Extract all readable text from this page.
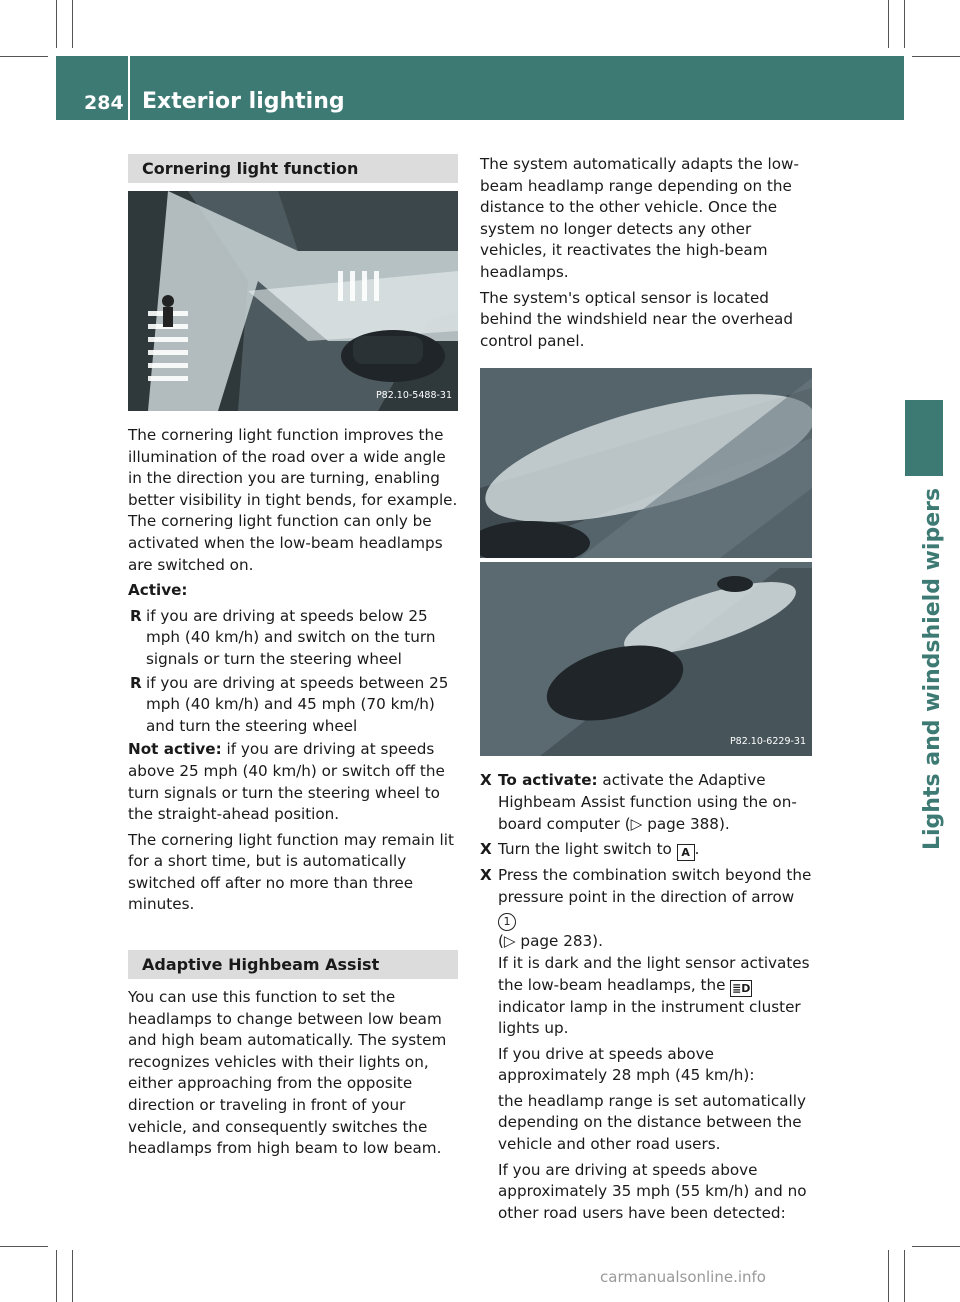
284 Exterior lighting
Lights and windshield wipers
Cornering light function
P82.10-5488-31

The cornering light function improves the illumination of the road over a wide angle in the direction you are turning, enabling better visibility in tight bends, for example. The cornering light function can only be activated when the low-beam headlamps are switched on.

Active:

R if you are driving at speeds below 25 mph (40 km/h) and switch on the turn signals or turn the steering wheel
R if you are driving at speeds between 25 mph (40 km/h) and 45 mph (70 km/h) and turn the steering wheel

Not active: if you are driving at speeds above 25 mph (40 km/h) or switch off the turn signals or turn the steering wheel to the straight-ahead position.

The cornering light function may remain lit for a short time, but is automatically switched off after no more than three minutes.

Adaptive Highbeam Assist

You can use this function to set the headlamps to change between low beam and high beam automatically. The system recognizes vehicles with their lights on, either approaching from the opposite direction or traveling in front of your vehicle, and consequently switches the headlamps from high beam to low beam.

The system automatically adapts the low-beam headlamp range depending on the distance to the other vehicle. Once the system no longer detects any other vehicles, it reactivates the high-beam headlamps.

The system's optical sensor is located behind the windshield near the overhead control panel.

P82.10-6229-31
X To activate: activate the Adaptive Highbeam Assist function using the on-board computer (▷ page 388).
X Turn the light switch to A .
X Press the combination switch beyond the pressure point in the direction of arrow 1
(▷ page 283).
If it is dark and the light sensor activates the low-beam headlamps, the ≣D indicator lamp in the instrument cluster lights up.

If you drive at speeds above approximately 28 mph (45 km/h):

the headlamp range is set automatically depending on the distance between the vehicle and other road users.

If you are driving at speeds above approximately 35 mph (55 km/h) and no other road users have been detected:

carmanualsonline.info
